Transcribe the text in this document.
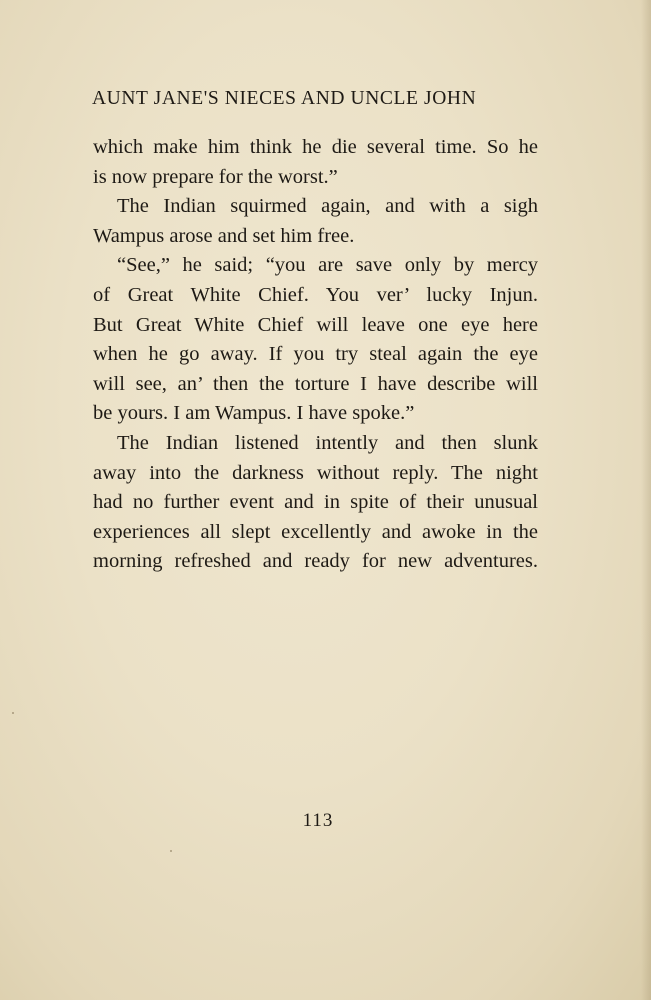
AUNT JANE'S NIECES AND UNCLE JOHN
which make him think he die several time. So he
is now prepare for the worst.”
The Indian squirmed again, and with a sigh
Wampus arose and set him free.
“See,” he said; “you are save only by mercy
of Great White Chief. You ver’ lucky Injun.
But Great White Chief will leave one eye here
when he go away. If you try steal again the eye
will see, an’ then the torture I have describe will
be yours. I am Wampus. I have spoke.”
The Indian listened intently and then slunk
away into the darkness without reply. The night
had no further event and in spite of their unusual
experiences all slept excellently and awoke in the
morning refreshed and ready for new adventures.
113
